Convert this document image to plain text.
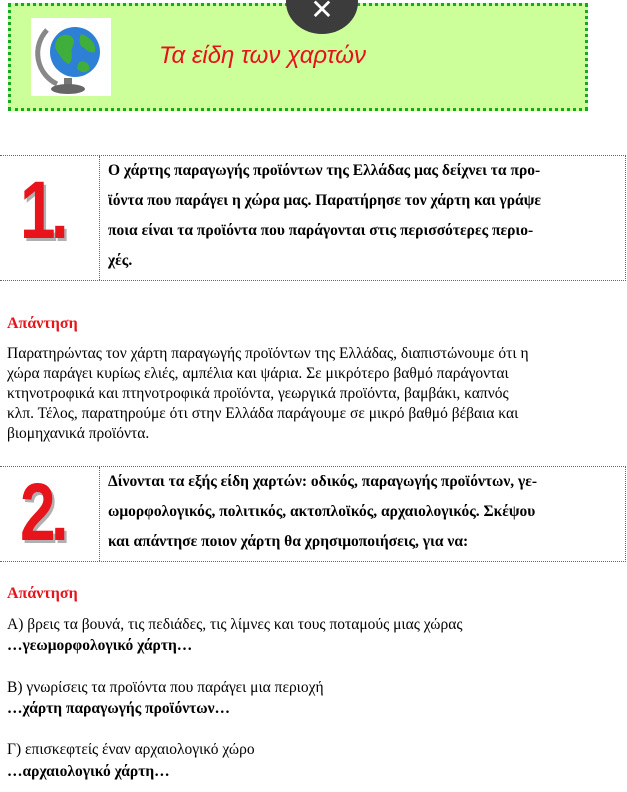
Τα είδη των χαρτών
✕
1.	Ο χάρτης παραγωγής προϊόντων της Ελλάδας μας δείχνει τα προ-
ϊόντα που παράγει η χώρα μας. Παρατήρησε τον χάρτη και γράψε
ποια είναι τα προϊόντα που παράγονται στις περισσότερες περιο-
χές.
Απάντηση
Παρατηρώντας τον χάρτη παραγωγής προϊόντων της Ελλάδας, διαπιστώνουμε ότι η
χώρα παράγει κυρίως ελιές, αμπέλια και ψάρια. Σε μικρότερο βαθμό παράγονται
κτηνοτροφικά και πτηνοτροφικά προϊόντα, γεωργικά προϊόντα, βαμβάκι, καπνός
κλπ. Τέλος, παρατηρούμε ότι στην Ελλάδα παράγουμε σε μικρό βαθμό βέβαια και
βιομηχανικά προϊόντα.
2.	Δίνονται τα εξής είδη χαρτών: οδικός, παραγωγής προϊόντων, γε-
ωμορφολογικός, πολιτικός, ακτοπλοϊκός, αρχαιολογικός. Σκέψου
και απάντησε ποιον χάρτη θα χρησιμοποιήσεις, για να:
Απάντηση
Α) βρεις τα βουνά, τις πεδιάδες, τις λίμνες και τους ποταμούς μιας χώρας
…γεωμορφολογικό χάρτη…
Β) γνωρίσεις τα προϊόντα που παράγει μια περιοχή
…χάρτη παραγωγής προϊόντων…
Γ) επισκεφτείς έναν αρχαιολογικό χώρο
…αρχαιολογικό χάρτη…
